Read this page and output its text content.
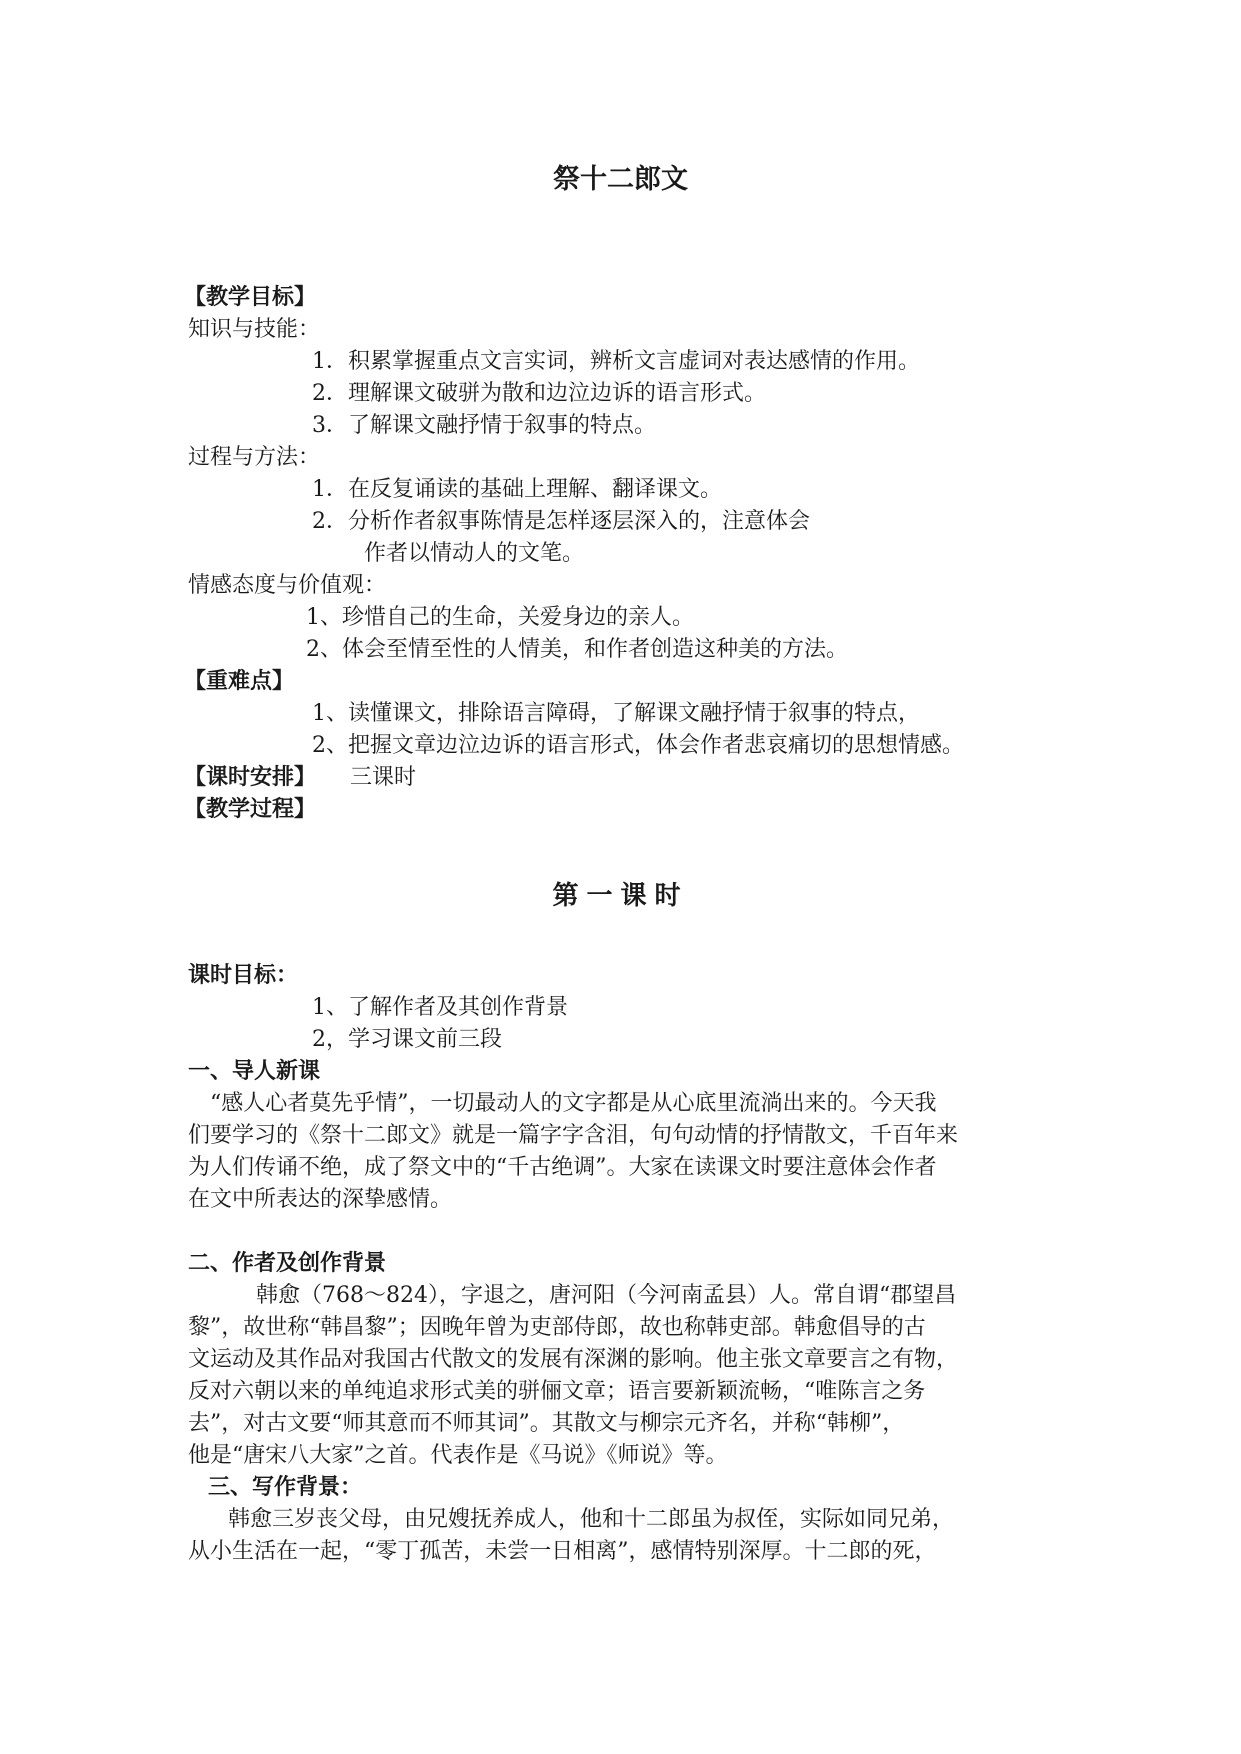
祭十二郎文
【教学目标】
知识与技能：
1．积累掌握重点文言实词，辨析文言虚词对表达感情的作用。
2．理解课文破骈为散和边泣边诉的语言形式。
3．了解课文融抒情于叙事的特点。
过程与方法：
1．在反复诵读的基础上理解、翻译课文。
2．分析作者叙事陈情是怎样逐层深入的，注意体会
作者以情动人的文笔。
情感态度与价值观：
1、珍惜自己的生命，关爱身边的亲人。
2、体会至情至性的人情美，和作者创造这种美的方法。
【重难点】
1、读懂课文，排除语言障碍，了解课文融抒情于叙事的特点，
2、把握文章边泣边诉的语言形式，体会作者悲哀痛切的思想情感。
【课时安排】 三课时
【教学过程】
第一课时
课时目标：
1、了解作者及其创作背景
2，学习课文前三段
一、导人新课
“感人心者莫先乎情”，一切最动人的文字都是从心底里流淌出来的。今天我
们要学习的《祭十二郎文》就是一篇字字含泪，句句动情的抒情散文，千百年来
为人们传诵不绝，成了祭文中的“千古绝调”。大家在读课文时要注意体会作者
在文中所表达的深挚感情。
二、作者及创作背景
韩愈（768～824），字退之，唐河阳（今河南孟县）人。常自谓“郡望昌
黎”，故世称“韩昌黎”；因晚年曾为吏部侍郎，故也称韩吏部。韩愈倡导的古
文运动及其作品对我国古代散文的发展有深渊的影响。他主张文章要言之有物，
反对六朝以来的单纯追求形式美的骈俪文章；语言要新颖流畅，“唯陈言之务
去”，对古文要“师其意而不师其词”。其散文与柳宗元齐名，并称“韩柳”，
他是“唐宋八大家”之首。代表作是《马说》《师说》等。
三、写作背景：
韩愈三岁丧父母，由兄嫂抚养成人，他和十二郎虽为叔侄，实际如同兄弟，
从小生活在一起，“零丁孤苦，未尝一日相离”，感情特别深厚。十二郎的死，
